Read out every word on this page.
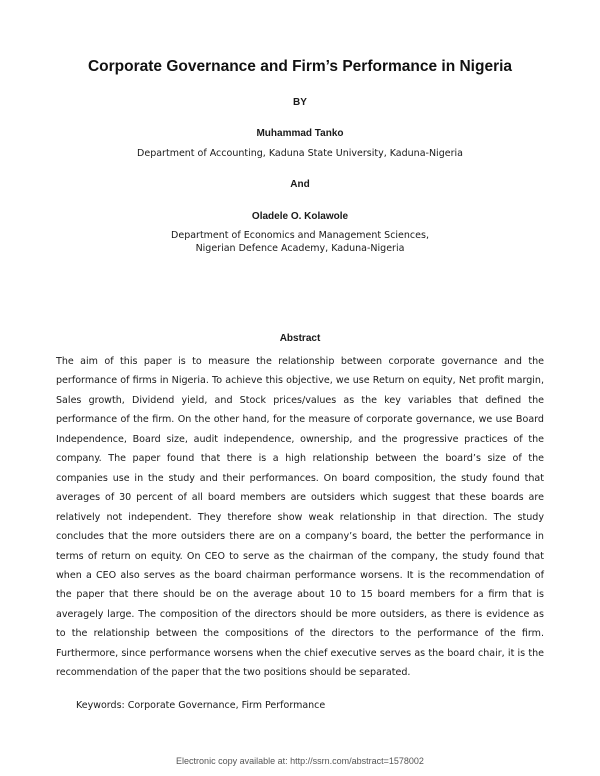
Corporate Governance and Firm’s Performance in Nigeria
BY
Muhammad Tanko
Department of Accounting, Kaduna State University, Kaduna-Nigeria
And
Oladele O. Kolawole
Department of Economics and Management Sciences,
Nigerian Defence Academy, Kaduna-Nigeria
Abstract
The aim of this paper is to measure the relationship between corporate governance and the performance of firms in Nigeria. To achieve this objective, we use Return on equity, Net profit margin, Sales growth, Dividend yield, and Stock prices/values as the key variables that defined the performance of the firm. On the other hand, for the measure of corporate governance, we use Board Independence, Board size, audit independence, ownership, and the progressive practices of the company. The paper found that there is a high relationship between the board’s size of the companies use in the study and their performances. On board composition, the study found that averages of 30 percent of all board members are outsiders which suggest that these boards are relatively not independent. They therefore show weak relationship in that direction. The study concludes that the more outsiders there are on a company’s board, the better the performance in terms of return on equity. On CEO to serve as the chairman of the company, the study found that when a CEO also serves as the board chairman performance worsens. It is the recommendation of the paper that there should be on the average about 10 to 15 board members for a firm that is averagely large. The composition of the directors should be more outsiders, as there is evidence as to the relationship between the compositions of the directors to the performance of the firm. Furthermore, since performance worsens when the chief executive serves as the board chair, it is the recommendation of the paper that the two positions should be separated.
Keywords: Corporate Governance, Firm Performance
Electronic copy available at: http://ssrn.com/abstract=1578002
